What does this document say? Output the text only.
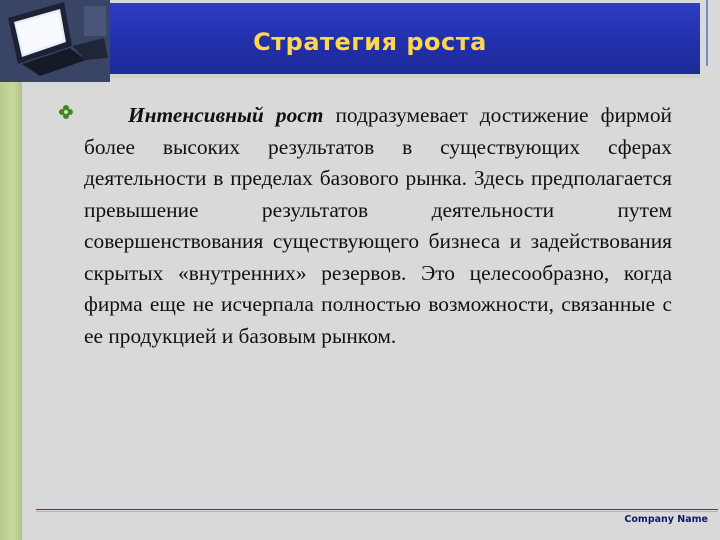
Стратегия роста
Интенсивный рост подразумевает достижение фирмой более высоких результатов в существующих сферах деятельности в пределах базового рынка. Здесь предполагается превышение результатов деятельности путем совершенствования существующего бизнеса и задействования скрытых «внутренних» резервов. Это целесообразно, когда фирма еще не исчерпала полностью возможности, связанные с ее продукцией и базовым рынком.
Company Name
